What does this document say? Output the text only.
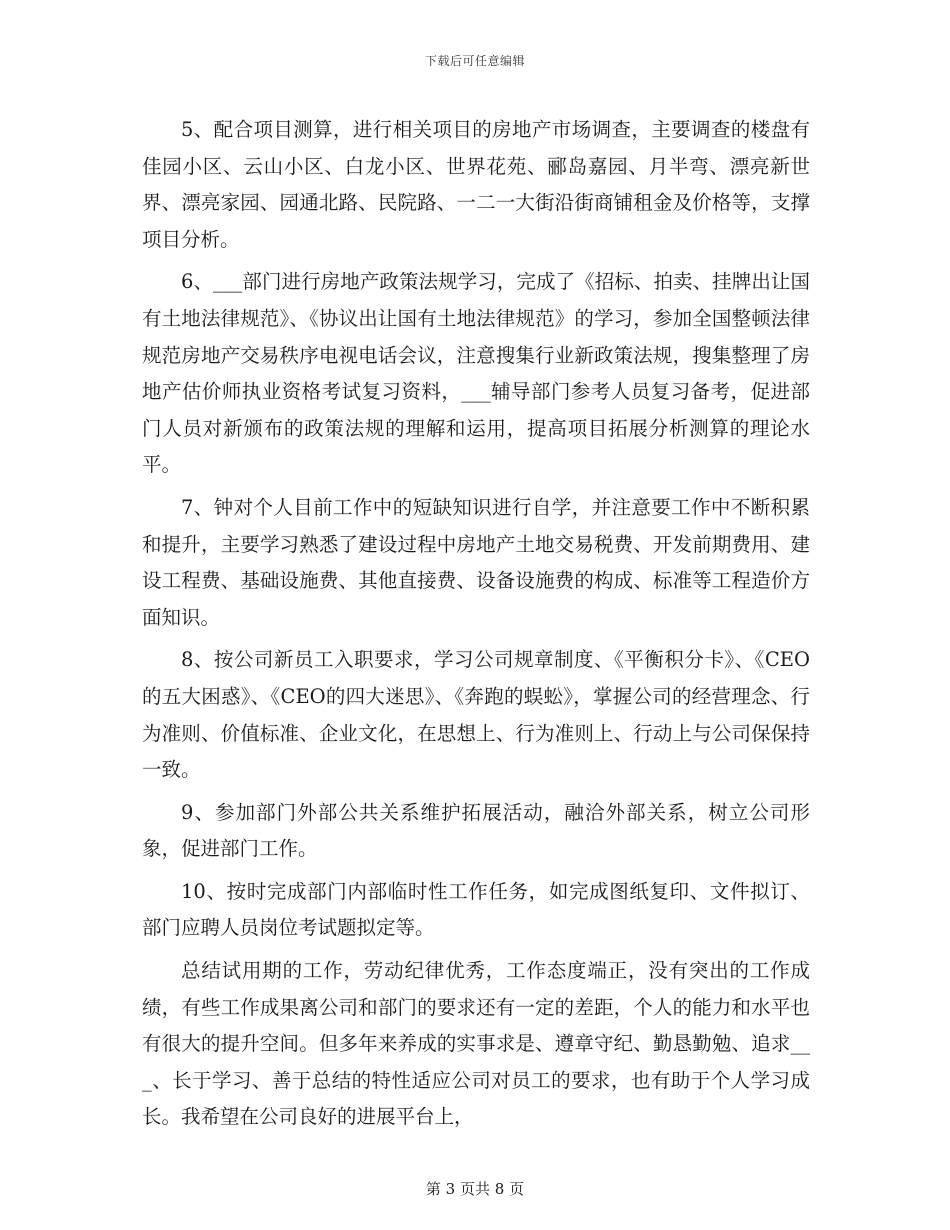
下载后可任意编辑

5、配合项目测算，进行相关项目的房地产市场调查，主要调查的楼盘有佳园小区、云山小区、白龙小区、世界花苑、郦岛嘉园、月半弯、漂亮新世界、漂亮家园、园通北路、民院路、一二一大街沿街商铺租金及价格等，支撑项目分析。

6、___部门进行房地产政策法规学习，完成了《招标、拍卖、挂牌出让国有土地法律规范》、《协议出让国有土地法律规范》的学习，参加全国整顿法律规范房地产交易秩序电视电话会议，注意搜集行业新政策法规，搜集整理了房地产估价师执业资格考试复习资料，___辅导部门参考人员复习备考，促进部门人员对新颁布的政策法规的理解和运用，提高项目拓展分析测算的理论水平。

7、钟对个人目前工作中的短缺知识进行自学，并注意要工作中不断积累和提升，主要学习熟悉了建设过程中房地产土地交易税费、开发前期费用、建设工程费、基础设施费、其他直接费、设备设施费的构成、标准等工程造价方面知识。

8、按公司新员工入职要求，学习公司规章制度、《平衡积分卡》、《CEO的五大困惑》、《CEO的四大迷思》、《奔跑的蜈蚣》，掌握公司的经营理念、行为准则、价值标准、企业文化，在思想上、行为准则上、行动上与公司保保持一致。

9、参加部门外部公共关系维护拓展活动，融洽外部关系，树立公司形象，促进部门工作。

10、按时完成部门内部临时性工作任务，如完成图纸复印、文件拟订、部门应聘人员岗位考试题拟定等。

总结试用期的工作，劳动纪律优秀，工作态度端正，没有突出的工作成绩，有些工作成果离公司和部门的要求还有一定的差距，个人的能力和水平也有很大的提升空间。但多年来养成的实事求是、遵章守纪、勤恳勤勉、追求___、长于学习、善于总结的特性适应公司对员工的要求，也有助于个人学习成长。我希望在公司良好的进展平台上，

第 3 页共 8 页
